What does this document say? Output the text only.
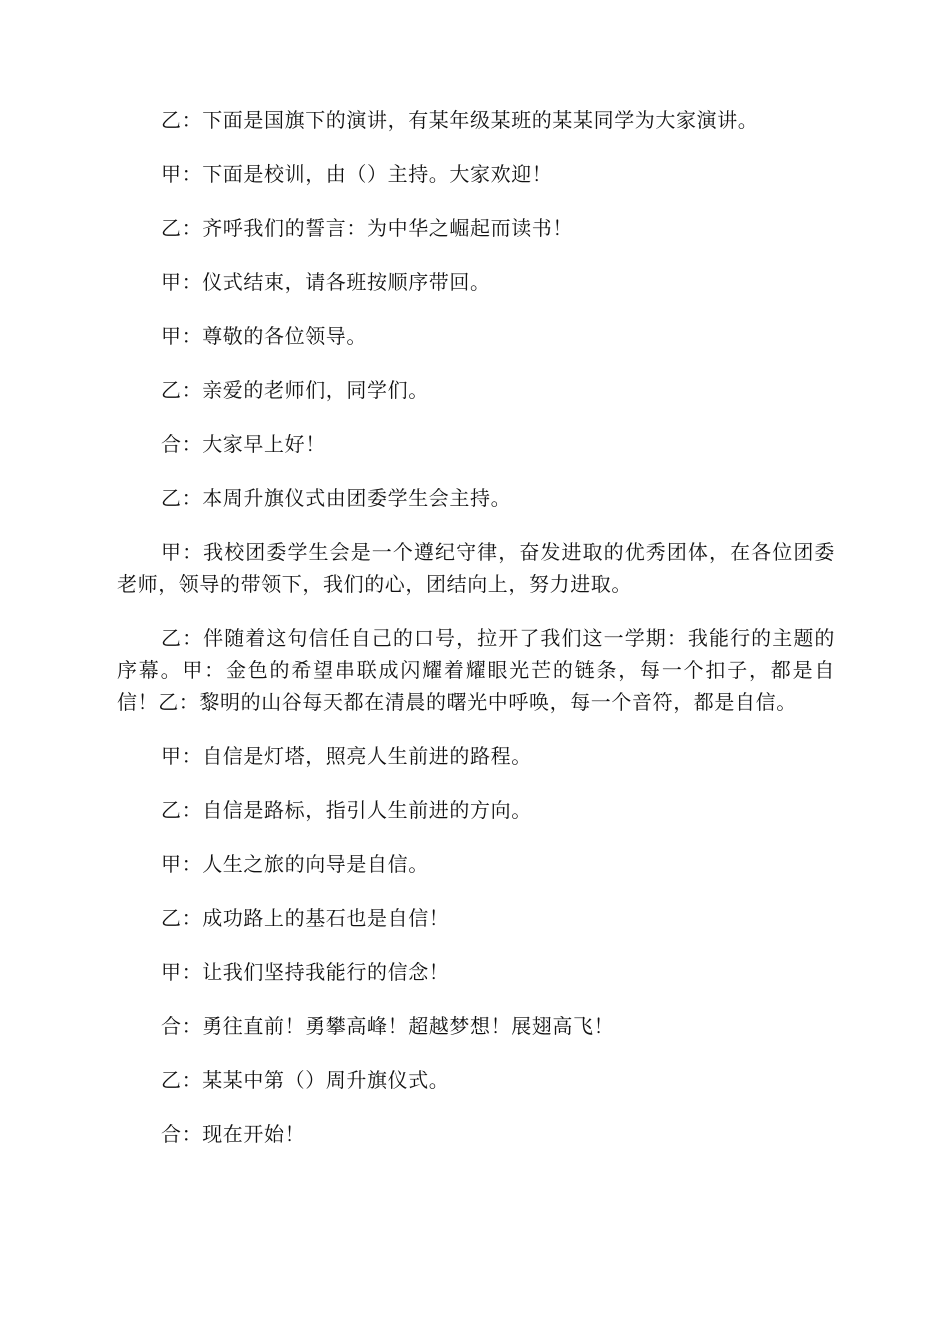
乙：下面是国旗下的演讲，有某年级某班的某某同学为大家演讲。

甲：下面是校训，由（）主持。大家欢迎！

乙：齐呼我们的誓言：为中华之崛起而读书！

甲：仪式结束，请各班按顺序带回。

甲：尊敬的各位领导。

乙：亲爱的老师们，同学们。

合：大家早上好！

乙：本周升旗仪式由团委学生会主持。

甲：我校团委学生会是一个遵纪守律，奋发进取的优秀团体，在各位团委老师，领导的带领下，我们的心，团结向上，努力进取。

乙：伴随着这句信任自己的口号，拉开了我们这一学期：我能行的主题的序幕。甲：金色的希望串联成闪耀着耀眼光芒的链条，每一个扣子，都是自信！乙：黎明的山谷每天都在清晨的曙光中呼唤，每一个音符，都是自信。

甲：自信是灯塔，照亮人生前进的路程。

乙：自信是路标，指引人生前进的方向。

甲：人生之旅的向导是自信。

乙：成功路上的基石也是自信！

甲：让我们坚持我能行的信念！

合：勇往直前！勇攀高峰！超越梦想！展翅高飞！

乙：某某中第（）周升旗仪式。

合：现在开始！
